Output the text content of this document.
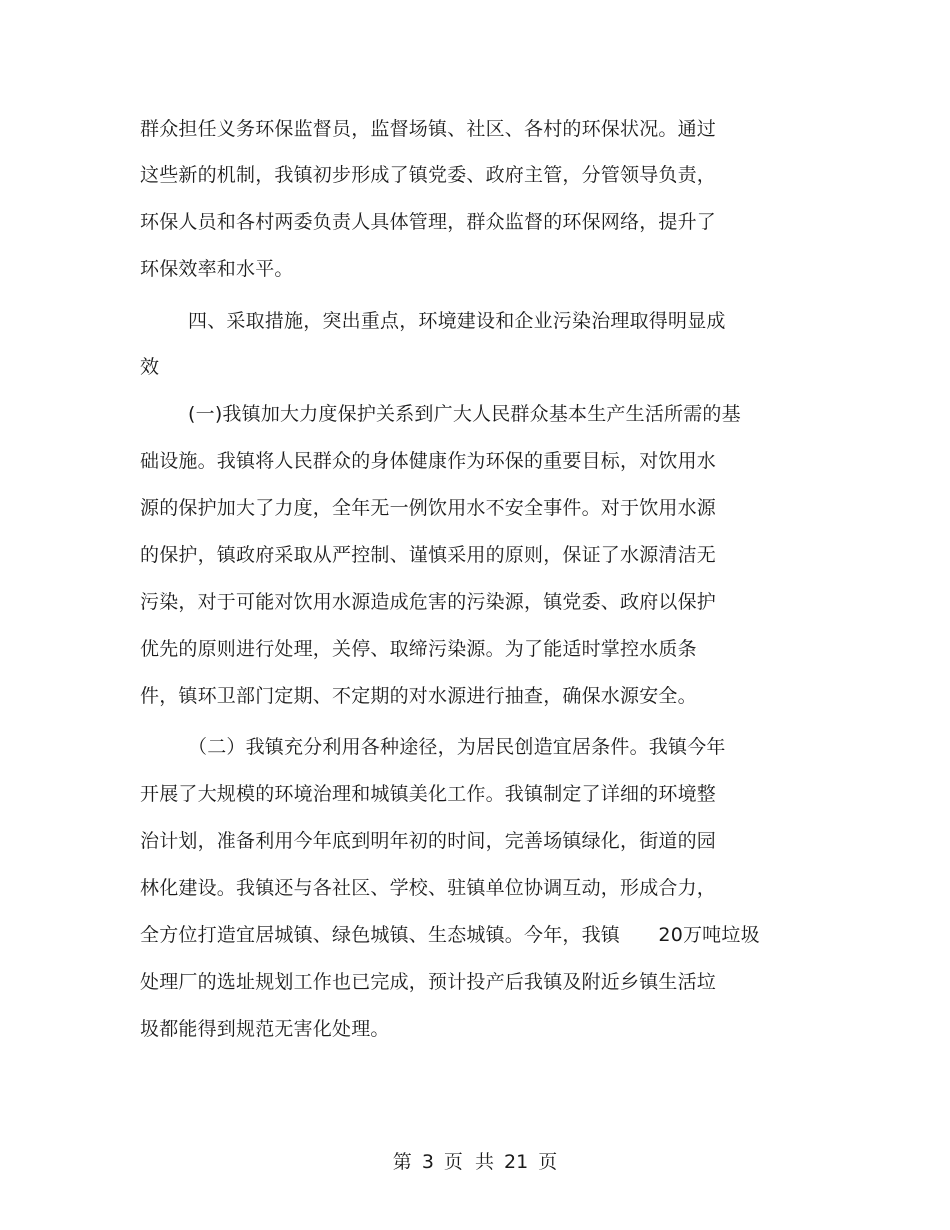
群众担任义务环保监督员，监督场镇、社区、各村的环保状况。通过
这些新的机制，我镇初步形成了镇党委、政府主管，分管领导负责，
环保人员和各村两委负责人具体管理，群众监督的环保网络，提升了
环保效率和水平。
四、采取措施，突出重点，环境建设和企业污染治理取得明显成
效
(一)我镇加大力度保护关系到广大人民群众基本生产生活所需的基
础设施。我镇将人民群众的身体健康作为环保的重要目标，对饮用水
源的保护加大了力度，全年无一例饮用水不安全事件。对于饮用水源
的保护，镇政府采取从严控制、谨慎采用的原则，保证了水源清洁无
污染，对于可能对饮用水源造成危害的污染源，镇党委、政府以保护
优先的原则进行处理，关停、取缔污染源。为了能适时掌控水质条
件，镇环卫部门定期、不定期的对水源进行抽查，确保水源安全。
（二）我镇充分利用各种途径，为居民创造宜居条件。我镇今年
开展了大规模的环境治理和城镇美化工作。我镇制定了详细的环境整
治计划，准备利用今年底到明年初的时间，完善场镇绿化，街道的园
林化建设。我镇还与各社区、学校、驻镇单位协调互动，形成合力，
全方位打造宜居城镇、绿色城镇、生态城镇。今年，我镇　　20万吨垃圾
处理厂的选址规划工作也已完成，预计投产后我镇及附近乡镇生活垃
圾都能得到规范无害化处理。
第 3 页  共 21 页
